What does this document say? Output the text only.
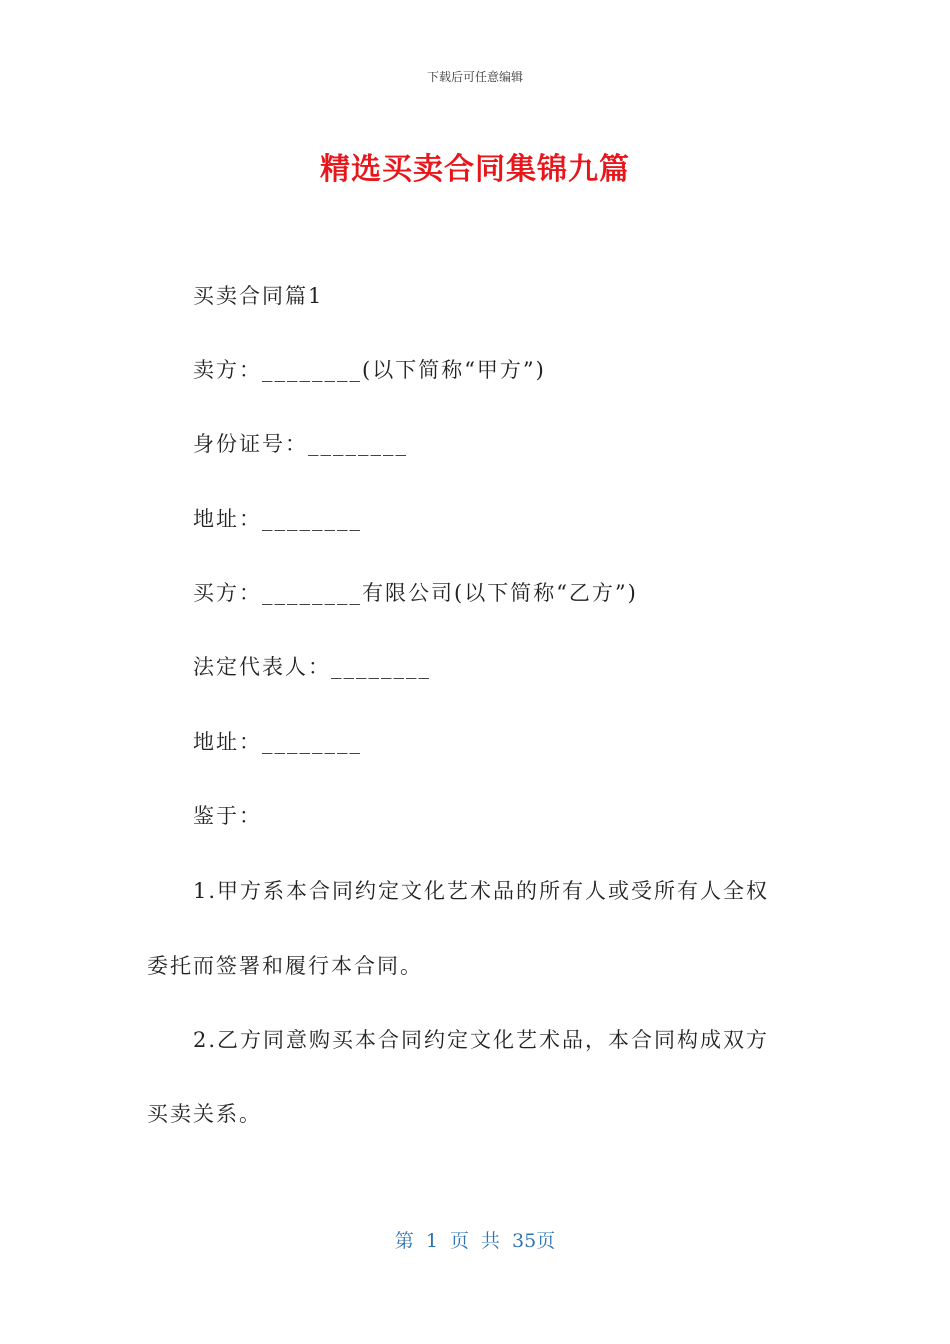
下载后可任意编辑
精选买卖合同集锦九篇
买卖合同篇1
卖方：________(以下简称“甲方”)
身份证号：________
地址：________
买方：________有限公司(以下简称“乙方”)
法定代表人：________
地址：________
鉴于：
1.甲方系本合同约定文化艺术品的所有人或受所有人全权
委托而签署和履行本合同。
2.乙方同意购买本合同约定文化艺术品，本合同构成双方
买卖关系。
第 1 页 共 35页
